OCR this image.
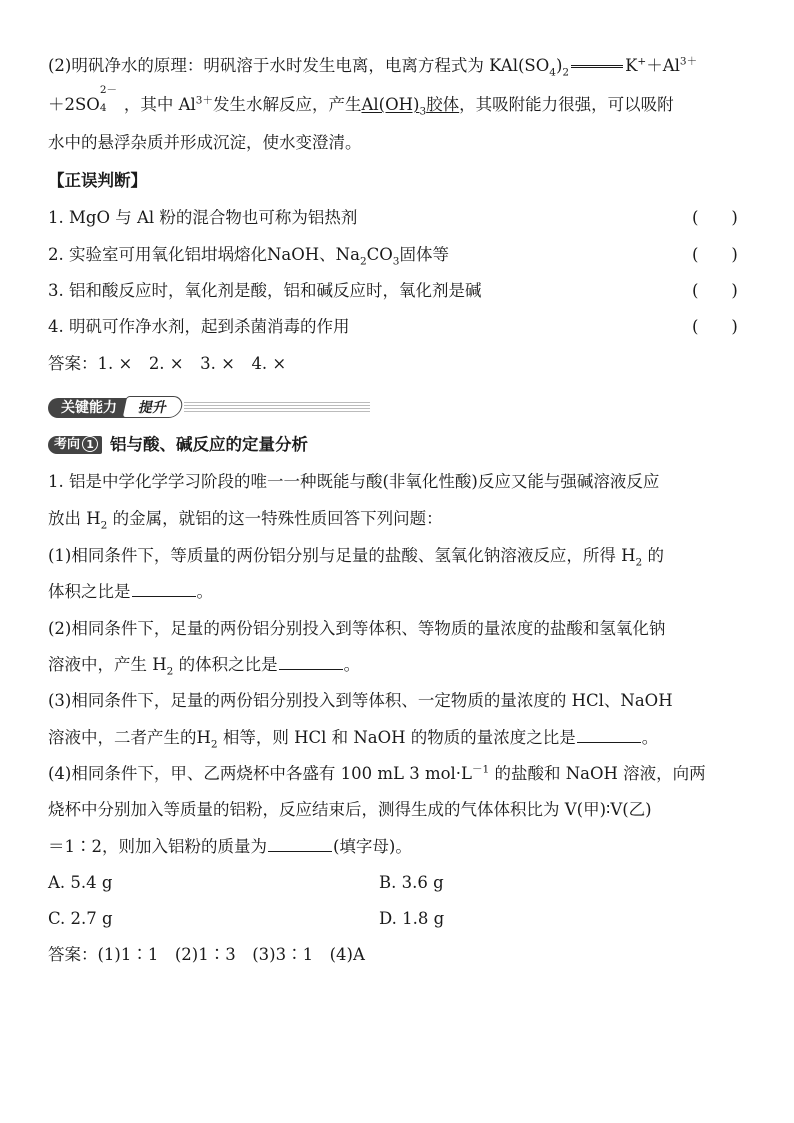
(2)明矾净水的原理：明矾溶于水时发生电离，电离方程式为 $KAl(SO_4)_2$	$K^++Al^{3+}$
＋2SO
2－
4 ，其中 $Al^{3+}$发生水解反应，产生$Al(OH)_3$胶体，其吸附能力很强，可以吸附
水中的悬浮杂质并形成沉淀，使水变澄清。
【正误判断】
1. MgO 与 Al 粉的混合物也可称为铝热剂	(　　)
2. 实验室可用氧化铝坩埚熔化NaOH、$Na_2CO_3$固体等	(　　)
3. 铝和酸反应时，氧化剂是酸，铝和碱反应时，氧化剂是碱	(　　)
4. 明矾可作净水剂，起到杀菌消毒的作用	(　　)
答案：1. ×　2. ×　3. ×　4. ×
关键能力	提升
考向 1 铝与酸、碱反应的定量分析
1. 铝是中学化学学习阶段的唯一一种既能与酸(非氧化性酸)反应又能与强碱溶液反应
放出 $H_2$ 的金属，就铝的这一特殊性质回答下列问题：
(1)相同条件下，等质量的两份铝分别与足量的盐酸、氢氧化钠溶液反应，所得 $H_2$ 的
体积之比是	。
(2)相同条件下，足量的两份铝分别投入到等体积、等物质的量浓度的盐酸和氢氧化钠
溶液中，产生 $H_2$ 的体积之比是	。
(3)相同条件下，足量的两份铝分别投入到等体积、一定物质的量浓度的 HCl、NaOH
溶液中，二者产生的$H_2$ 相等，则 HCl 和 NaOH 的物质的量浓度之比是	。
(4)相同条件下，甲、乙两烧杯中各盛有 100 mL 3 $mol\cdot L^{-1}$ 的盐酸和 NaOH 溶液，向两
烧杯中分别加入等质量的铝粉，反应结束后，测得生成的气体体积比为 V(甲)∶V(乙)
＝1∶2，则加入铝粉的质量为	(填字母)。
A. 5.4 g	B. 3.6 g
C. 2.7 g	D. 1.8 g
答案：(1)1∶1　(2)1∶3　(3)3∶1　(4)A
